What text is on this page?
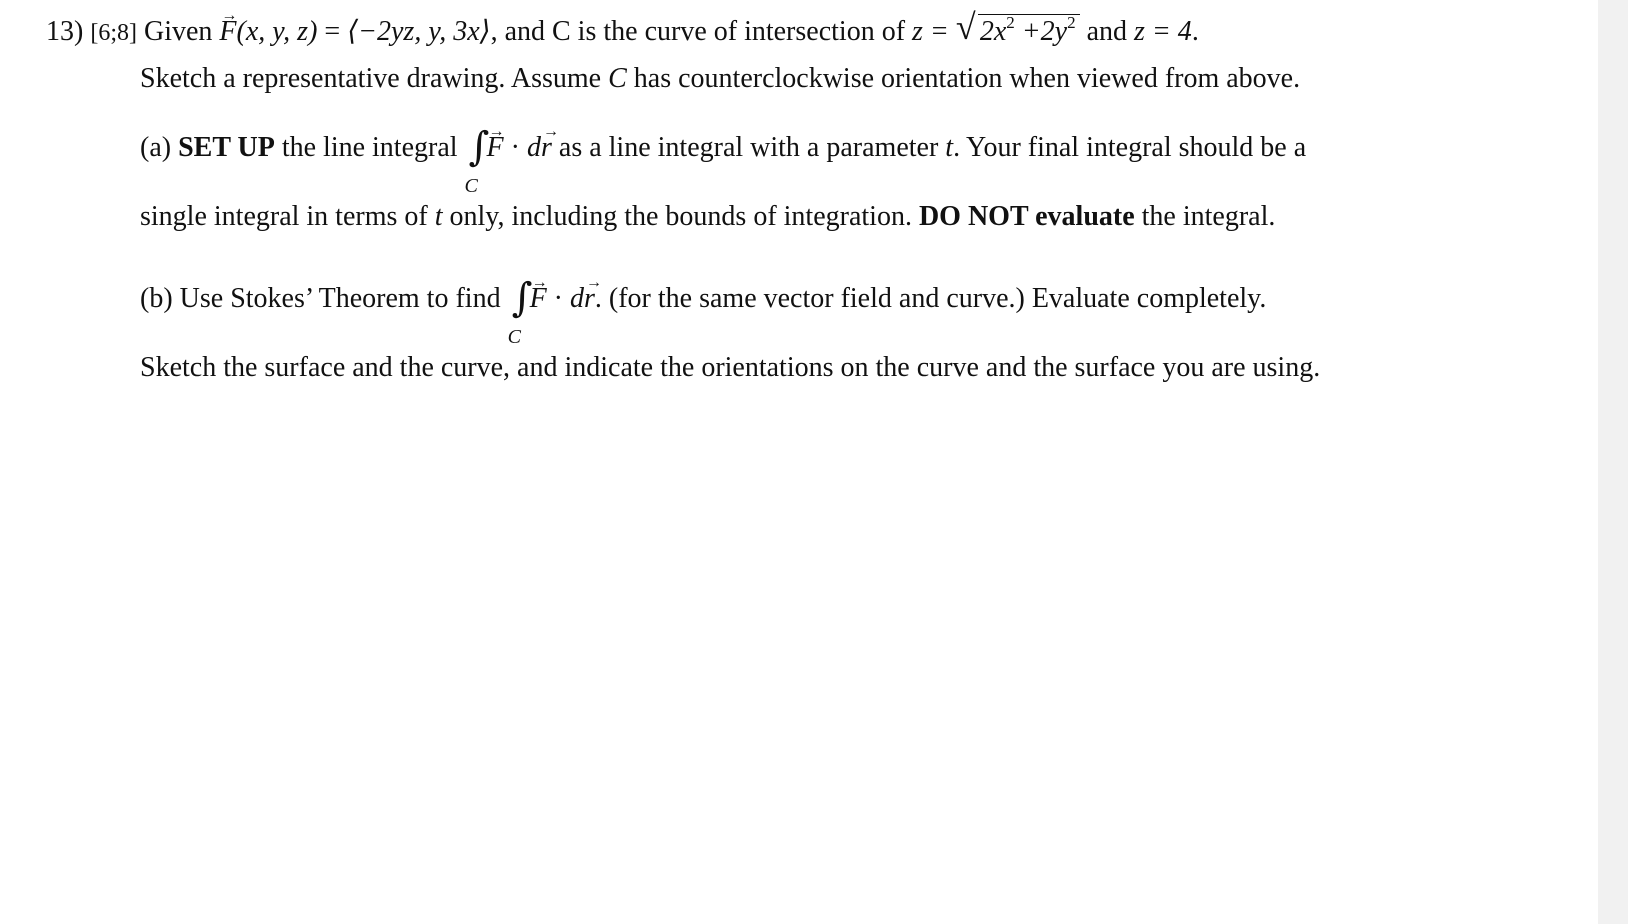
13) [6;8] Given → F(x, y, z) = ⟨−2yz, y, 3x⟩, and C is the curve of intersection of z = √ $2x^2 +2y^2$ and z = 4.
Sketch a representative drawing. Assume C has counterclockwise orientation when viewed from above.
(a) SET UP the line integral ∫
C
→ F · d→ r as a line integral with a parameter t. Your final integral should be a
single integral in terms of t only, including the bounds of integration. DO NOT evaluate the integral.
(b) Use Stokes’ Theorem to find ∫
C
→ F · d→ r. (for the same vector field and curve.) Evaluate completely.
Sketch the surface and the curve, and indicate the orientations on the curve and the surface you are using.
